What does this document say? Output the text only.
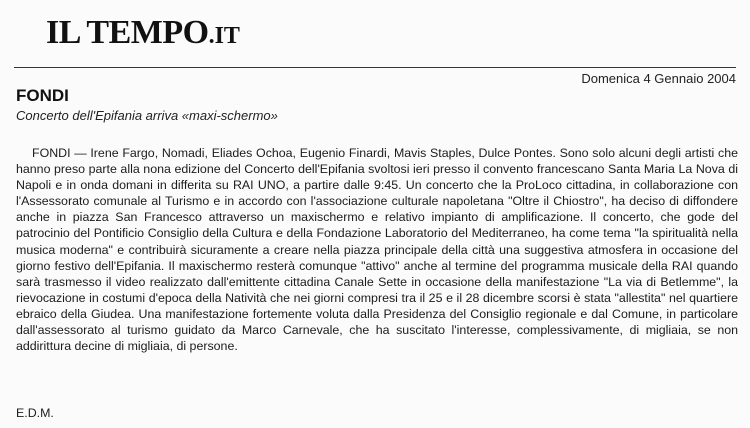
IL TEMPO.IT
Domenica 4 Gennaio 2004
FONDI
Concerto dell'Epifania arriva «maxi-schermo»

FONDI — Irene Fargo, Nomadi, Eliades Ochoa, Eugenio Finardi, Mavis Staples, Dulce Pontes. Sono solo alcuni degli artisti che hanno preso parte alla nona edizione del Concerto dell'Epifania svoltosi ieri presso il convento francescano Santa Maria La Nova di Napoli e in onda domani in differita su RAI UNO, a partire dalle 9:45. Un concerto che la ProLoco cittadina, in collaborazione con l'Assessorato comunale al Turismo e in accordo con l'associazione culturale napoletana "Oltre il Chiostro", ha deciso di diffondere anche in piazza San Francesco attraverso un maxischermo e relativo impianto di amplificazione. Il concerto, che gode del patrocinio del Pontificio Consiglio della Cultura e della Fondazione Laboratorio del Mediterraneo, ha come tema "la spiritualità nella musica moderna" e contribuirà sicuramente a creare nella piazza principale della città una suggestiva atmosfera in occasione del giorno festivo dell'Epifania. Il maxischermo resterà comunque "attivo" anche al termine del programma musicale della RAI quando sarà trasmesso il video realizzato dall'emittente cittadina Canale Sette in occasione della manifestazione "La via di Betlemme", la rievocazione in costumi d'epoca della Natività che nei giorni compresi tra il 25 e il 28 dicembre scorsi è stata "allestita" nel quartiere ebraico della Giudea. Una manifestazione fortemente voluta dalla Presidenza del Consiglio regionale e dal Comune, in particolare dall'assessorato al turismo guidato da Marco Carnevale, che ha suscitato l'interesse, complessivamente, di migliaia, se non addirittura decine di migliaia, di persone.

E.D.M.
